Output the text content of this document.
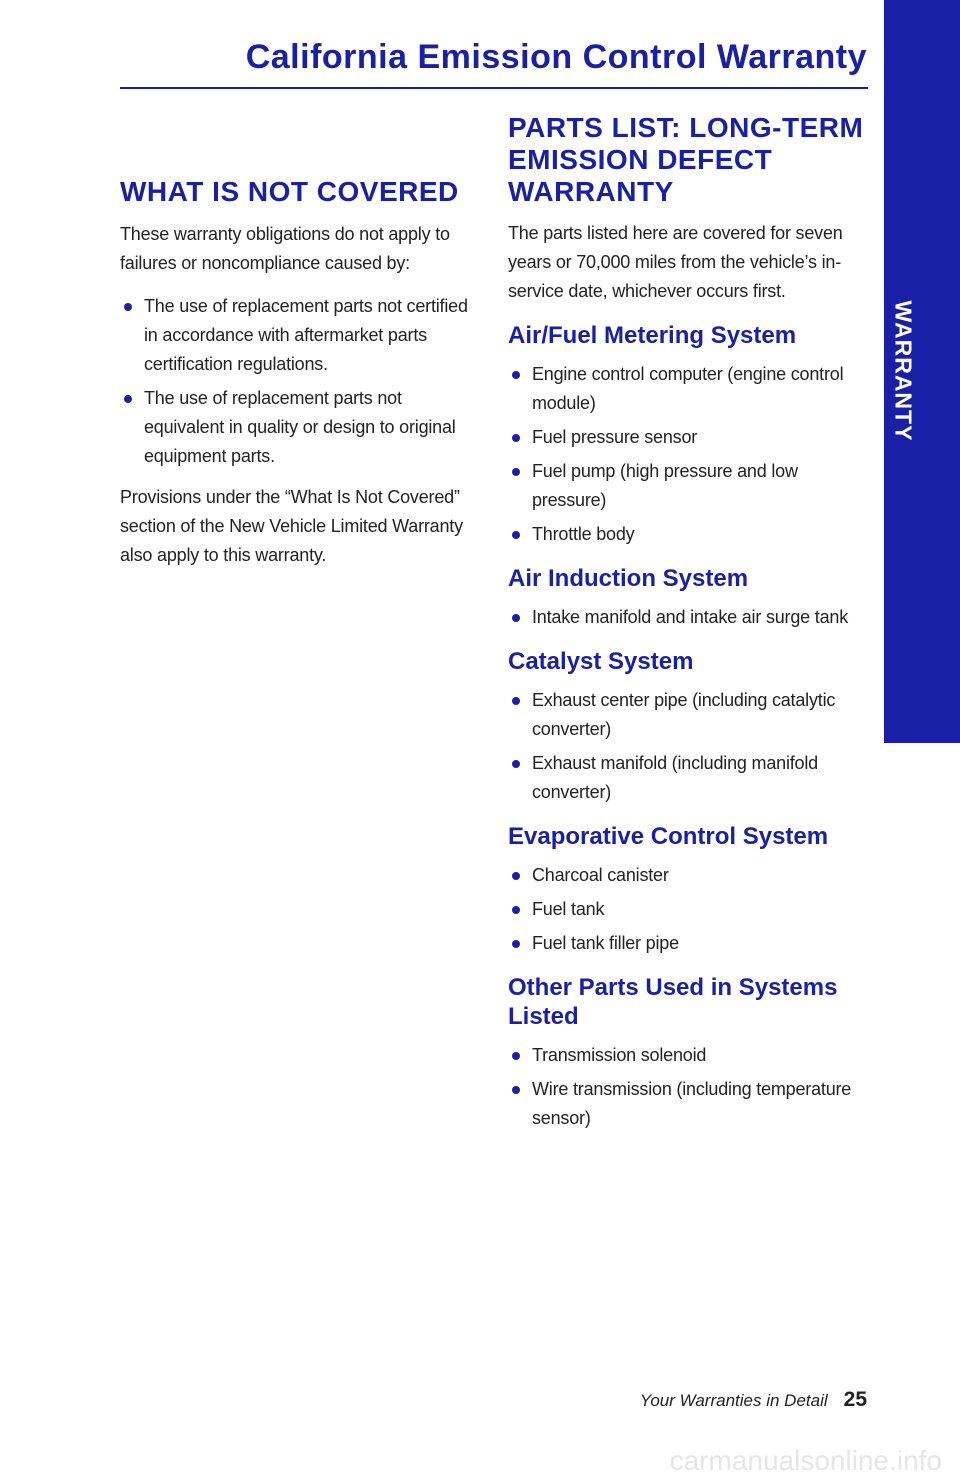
California Emission Control Warranty
WARRANTY
WHAT IS NOT COVERED

These warranty obligations do not apply to failures or noncompliance caused by:

The use of replacement parts not certified in accordance with aftermarket parts certification regulations.
The use of replacement parts not equivalent in quality or design to original equipment parts.

Provisions under the “What Is Not Covered” section of the New Vehicle Limited Warranty also apply to this warranty.

PARTS LIST: LONG-TERM EMISSION DEFECT WARRANTY

The parts listed here are covered for seven years or 70,000 miles from the vehicle’s in-service date, whichever occurs first.

Air/Fuel Metering System
Engine control computer (engine control module)
Fuel pressure sensor
Fuel pump (high pressure and low pressure)
Throttle body
Air Induction System
Intake manifold and intake air surge tank
Catalyst System
Exhaust center pipe (including catalytic converter)
Exhaust manifold (including manifold converter)
Evaporative Control System
Charcoal canister
Fuel tank
Fuel tank filler pipe
Other Parts Used in Systems Listed
Transmission solenoid
Wire transmission (including temperature sensor)
Your Warranties in Detail 25
carmanualsonline.info
